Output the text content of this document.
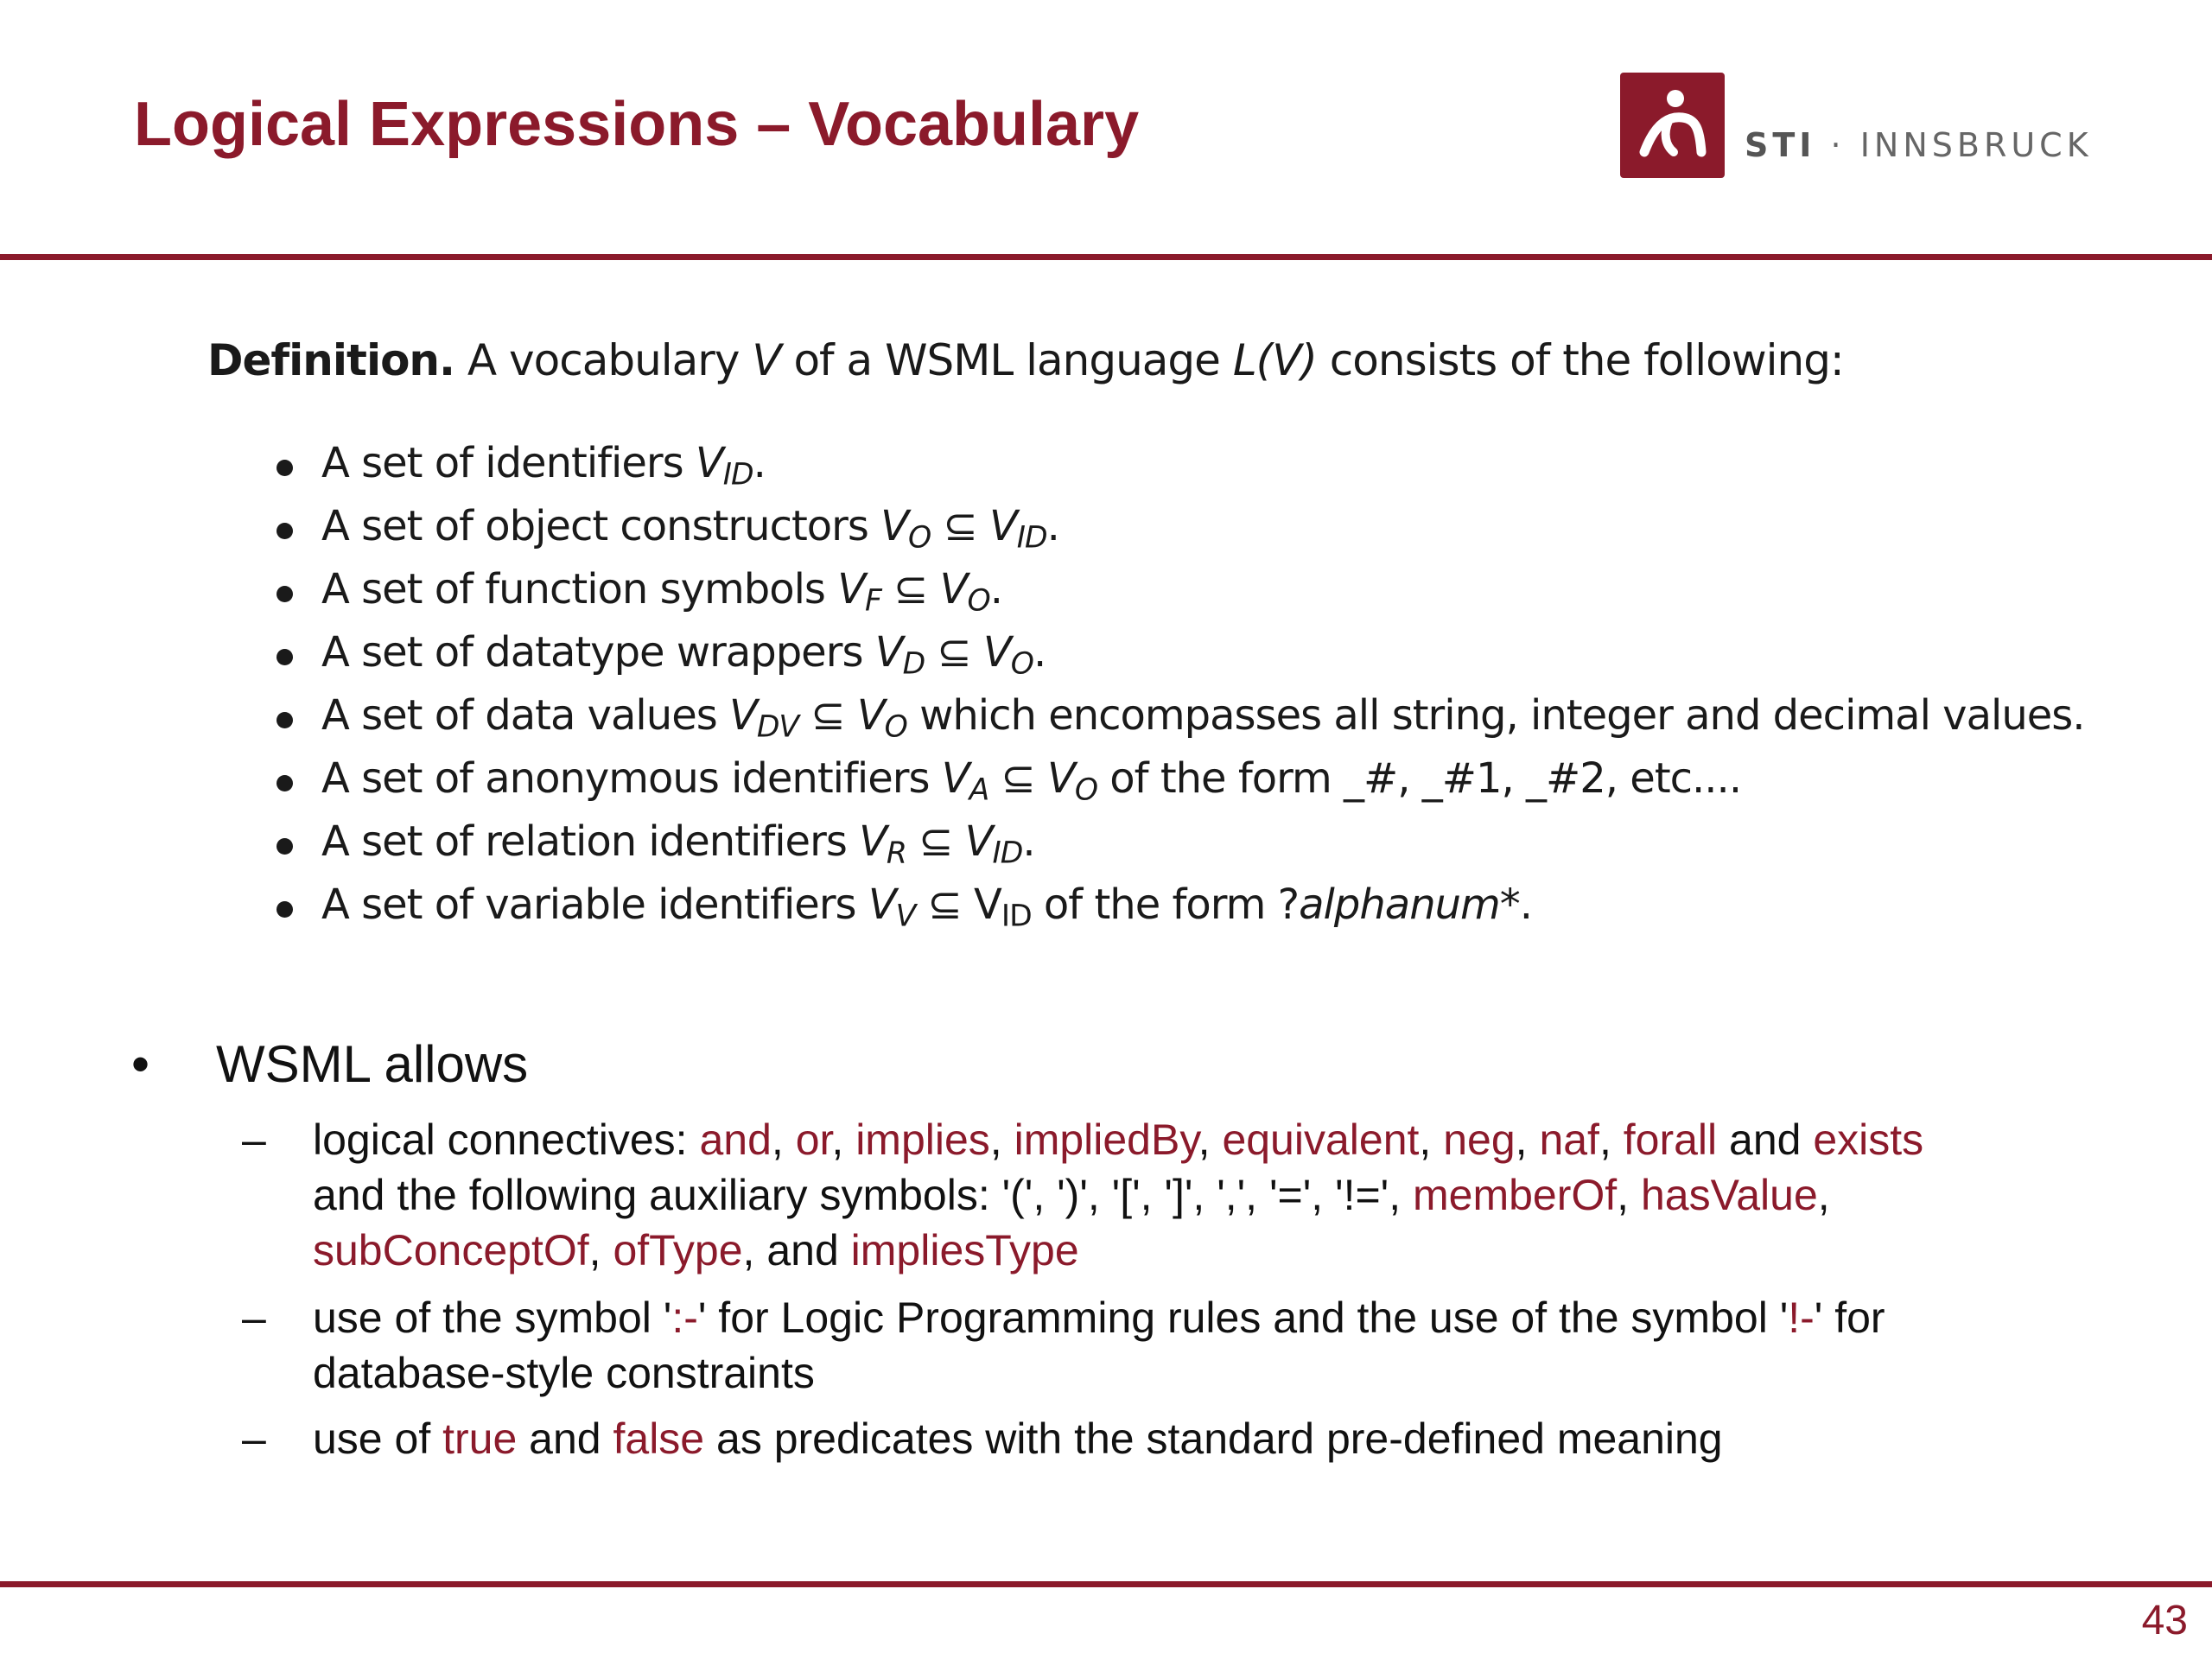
Logical Expressions – Vocabulary	STI · INNSBRUCK
Definition. A vocabulary V of a WSML language L(V) consists of the following:
A set of identifiers $V_{ID}$.
A set of object constructors $V_O$ ⊆ $V_{ID}$.
A set of function symbols $V_F$ ⊆ $V_O$.
A set of datatype wrappers $V_D$ ⊆ $V_O$.
A set of data values $V_{DV}$ ⊆ $V_O$ which encompasses all string, integer and decimal values.
A set of anonymous identifiers $V_A$ ⊆ $V_O$ of the form _#, _#1, _#2, etc....
A set of relation identifiers $V_R$ ⊆ $V_{ID}$.
A set of variable identifiers $V_V$ ⊆ $V_{ID}$ of the form ?alphanum*.
• WSML allows
– logical connectives: and, or, implies, impliedBy, equivalent, neg, naf, forall and exists
and the following auxiliary symbols: '(', ')', '[', ']', ',', '=', '!=', memberOf, hasValue,
subConceptOf, ofType, and impliesType
– use of the symbol ':-' for Logic Programming rules and the use of the symbol '!-' for
database-style constraints
– use of true and false as predicates with the standard pre-defined meaning
43
